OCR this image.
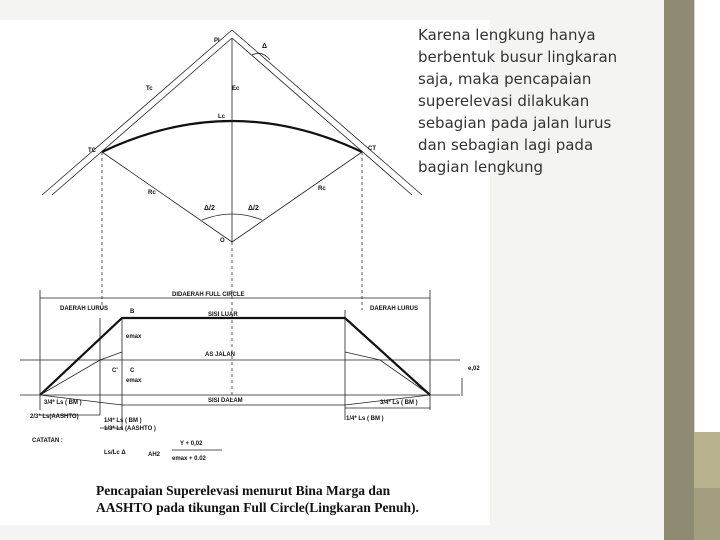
PI
Δ
Tc	Ec
Lc
TC	CT
Rc
Rc
Δ/2	Δ/2
O
DIDAERAH FULL CIRCLE
DAERAH LURUS	DAERAH LURUS
SISI LUAR
B
emax
AS JALAN
C' C
emax
SISI DALAM
e,02
3/4* Ls ( BM )
2/3* Ls(AASHTO)
1/4* Ls ( BM )
1/3* Ls (AASHTO )
3/4* Ls ( BM )
1/4* Ls ( BM )
CATATAN :
Ls/Lc Δ
Y + 0,02
AH2
emax + 0.02
Pencapaian Superelevasi menurut Bina Marga dan
AASHTO pada tikungan Full Circle(Lingkaran Penuh).
Karena lengkung hanya berbentuk busur lingkaran saja, maka pencapaian superelevasi dilakukan sebagian pada jalan lurus dan sebagian lagi pada bagian lengkung
